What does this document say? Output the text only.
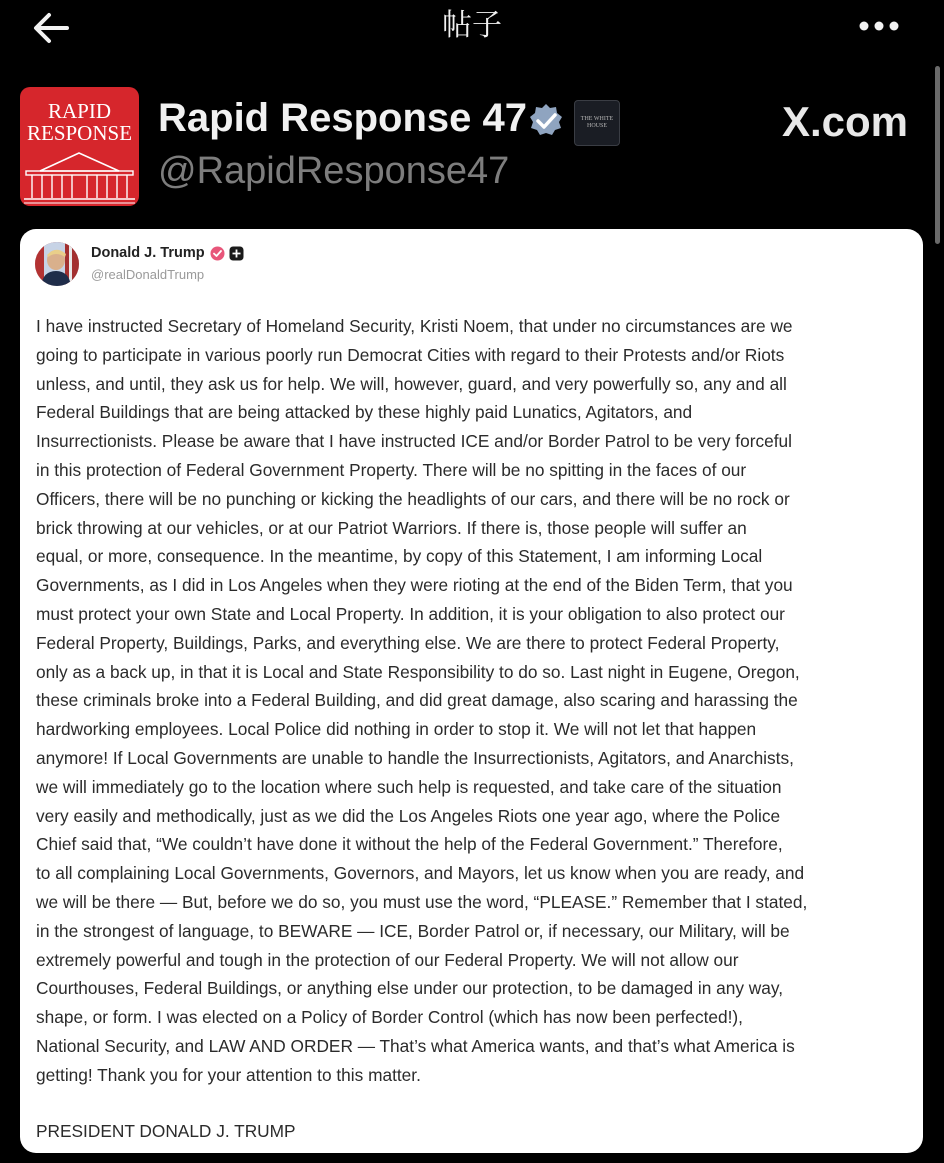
帖子
RAPID
RESPONSE Rapid Response 47	THE WHITE HOUSE
@RapidResponse47
X.com
Donald J. Trump
@realDonaldTrump
I have instructed Secretary of Homeland Security, Kristi Noem, that under no circumstances are we
going to participate in various poorly run Democrat Cities with regard to their Protests and/or Riots
unless, and until, they ask us for help. We will, however, guard, and very powerfully so, any and all
Federal Buildings that are being attacked by these highly paid Lunatics, Agitators, and
Insurrectionists. Please be aware that I have instructed ICE and/or Border Patrol to be very forceful
in this protection of Federal Government Property. There will be no spitting in the faces of our
Officers, there will be no punching or kicking the headlights of our cars, and there will be no rock or
brick throwing at our vehicles, or at our Patriot Warriors. If there is, those people will suffer an
equal, or more, consequence. In the meantime, by copy of this Statement, I am informing Local
Governments, as I did in Los Angeles when they were rioting at the end of the Biden Term, that you
must protect your own State and Local Property. In addition, it is your obligation to also protect our
Federal Property, Buildings, Parks, and everything else. We are there to protect Federal Property,
only as a back up, in that it is Local and State Responsibility to do so. Last night in Eugene, Oregon,
these criminals broke into a Federal Building, and did great damage, also scaring and harassing the
hardworking employees. Local Police did nothing in order to stop it. We will not let that happen
anymore! If Local Governments are unable to handle the Insurrectionists, Agitators, and Anarchists,
we will immediately go to the location where such help is requested, and take care of the situation
very easily and methodically, just as we did the Los Angeles Riots one year ago, where the Police
Chief said that, “We couldn’t have done it without the help of the Federal Government.” Therefore,
to all complaining Local Governments, Governors, and Mayors, let us know when you are ready, and
we will be there — But, before we do so, you must use the word, “PLEASE.” Remember that I stated,
in the strongest of language, to BEWARE — ICE, Border Patrol or, if necessary, our Military, will be
extremely powerful and tough in the protection of our Federal Property. We will not allow our
Courthouses, Federal Buildings, or anything else under our protection, to be damaged in any way,
shape, or form. I was elected on a Policy of Border Control (which has now been perfected!),
National Security, and LAW AND ORDER — That’s what America wants, and that’s what America is
getting! Thank you for your attention to this matter.
PRESIDENT DONALD J. TRUMP
